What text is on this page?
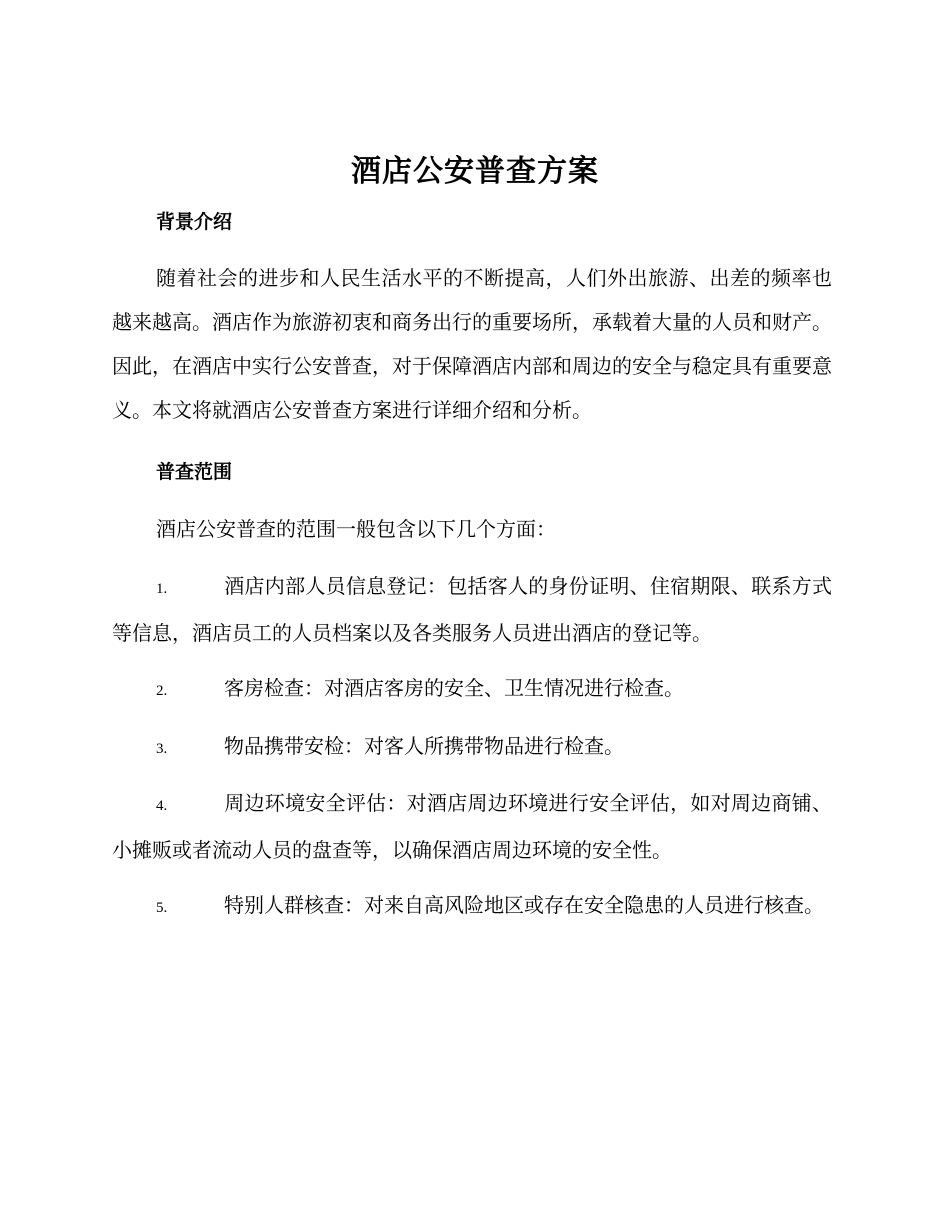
酒店公安普查方案
背景介绍
随着社会的进步和人民生活水平的不断提高，人们外出旅游、出差的频率也越来越高。酒店作为旅游初衷和商务出行的重要场所，承载着大量的人员和财产。因此，在酒店中实行公安普查，对于保障酒店内部和周边的安全与稳定具有重要意义。本文将就酒店公安普查方案进行详细介绍和分析。
普查范围
酒店公安普查的范围一般包含以下几个方面：
1.	酒店内部人员信息登记：包括客人的身份证明、住宿期限、联系方式等信息，酒店员工的人员档案以及各类服务人员进出酒店的登记等。
2.	客房检查：对酒店客房的安全、卫生情况进行检查。
3.	物品携带安检：对客人所携带物品进行检查。
4.	周边环境安全评估：对酒店周边环境进行安全评估，如对周边商铺、小摊贩或者流动人员的盘查等，以确保酒店周边环境的安全性。
5.	特别人群核查：对来自高风险地区或存在安全隐患的人员进行核查。
